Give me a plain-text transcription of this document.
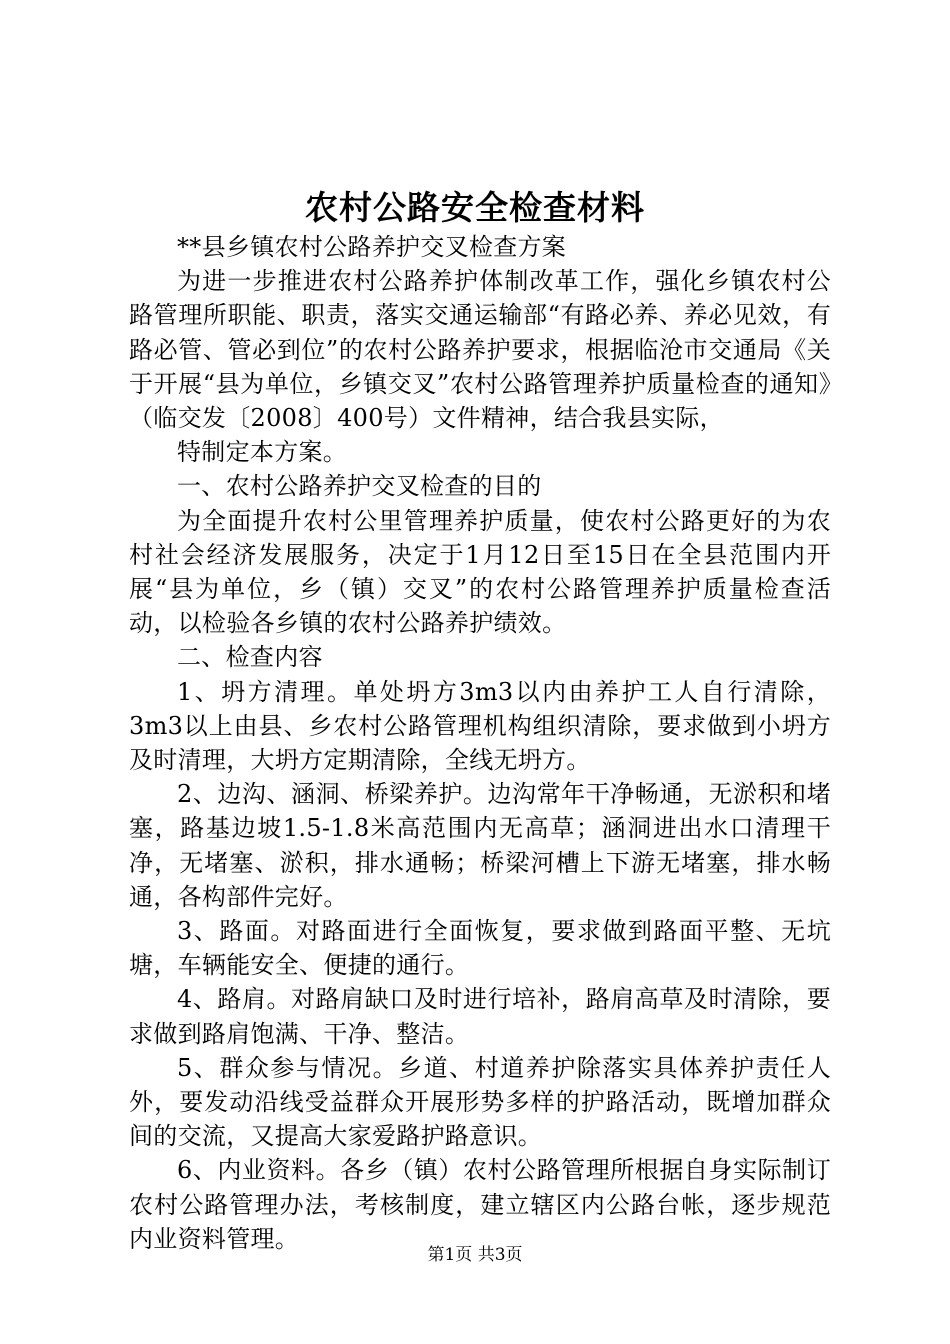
农村公路安全检查材料

**县乡镇农村公路养护交叉检查方案

为进一步推进农村公路养护体制改革工作，强化乡镇农村公路管理所职能、职责，落实交通运输部“有路必养、养必见效，有路必管、管必到位”的农村公路养护要求，根据临沧市交通局《关于开展“县为单位，乡镇交叉”农村公路管理养护质量检查的通知》（临交发〔2008〕400号）文件精神，结合我县实际，

特制定本方案。

一、农村公路养护交叉检查的目的

为全面提升农村公里管理养护质量，使农村公路更好的为农村社会经济发展服务，决定于1月12日至15日在全县范围内开展“县为单位，乡（镇）交叉”的农村公路管理养护质量检查活动，以检验各乡镇的农村公路养护绩效。

二、检查内容

1、坍方清理。单处坍方3m3以内由养护工人自行清除，3m3以上由县、乡农村公路管理机构组织清除，要求做到小坍方及时清理，大坍方定期清除，全线无坍方。

2、边沟、涵洞、桥梁养护。边沟常年干净畅通，无淤积和堵塞，路基边坡1.5-1.8米高范围内无高草；涵洞进出水口清理干净，无堵塞、淤积，排水通畅；桥梁河槽上下游无堵塞，排水畅通，各构部件完好。

3、路面。对路面进行全面恢复，要求做到路面平整、无坑塘，车辆能安全、便捷的通行。

4、路肩。对路肩缺口及时进行培补，路肩高草及时清除，要求做到路肩饱满、干净、整洁。

5、群众参与情况。乡道、村道养护除落实具体养护责任人外，要发动沿线受益群众开展形势多样的护路活动，既增加群众间的交流，又提高大家爱路护路意识。

6、内业资料。各乡（镇）农村公路管理所根据自身实际制订农村公路管理办法，考核制度，建立辖区内公路台帐，逐步规范内业资料管理。

第1页 共3页
